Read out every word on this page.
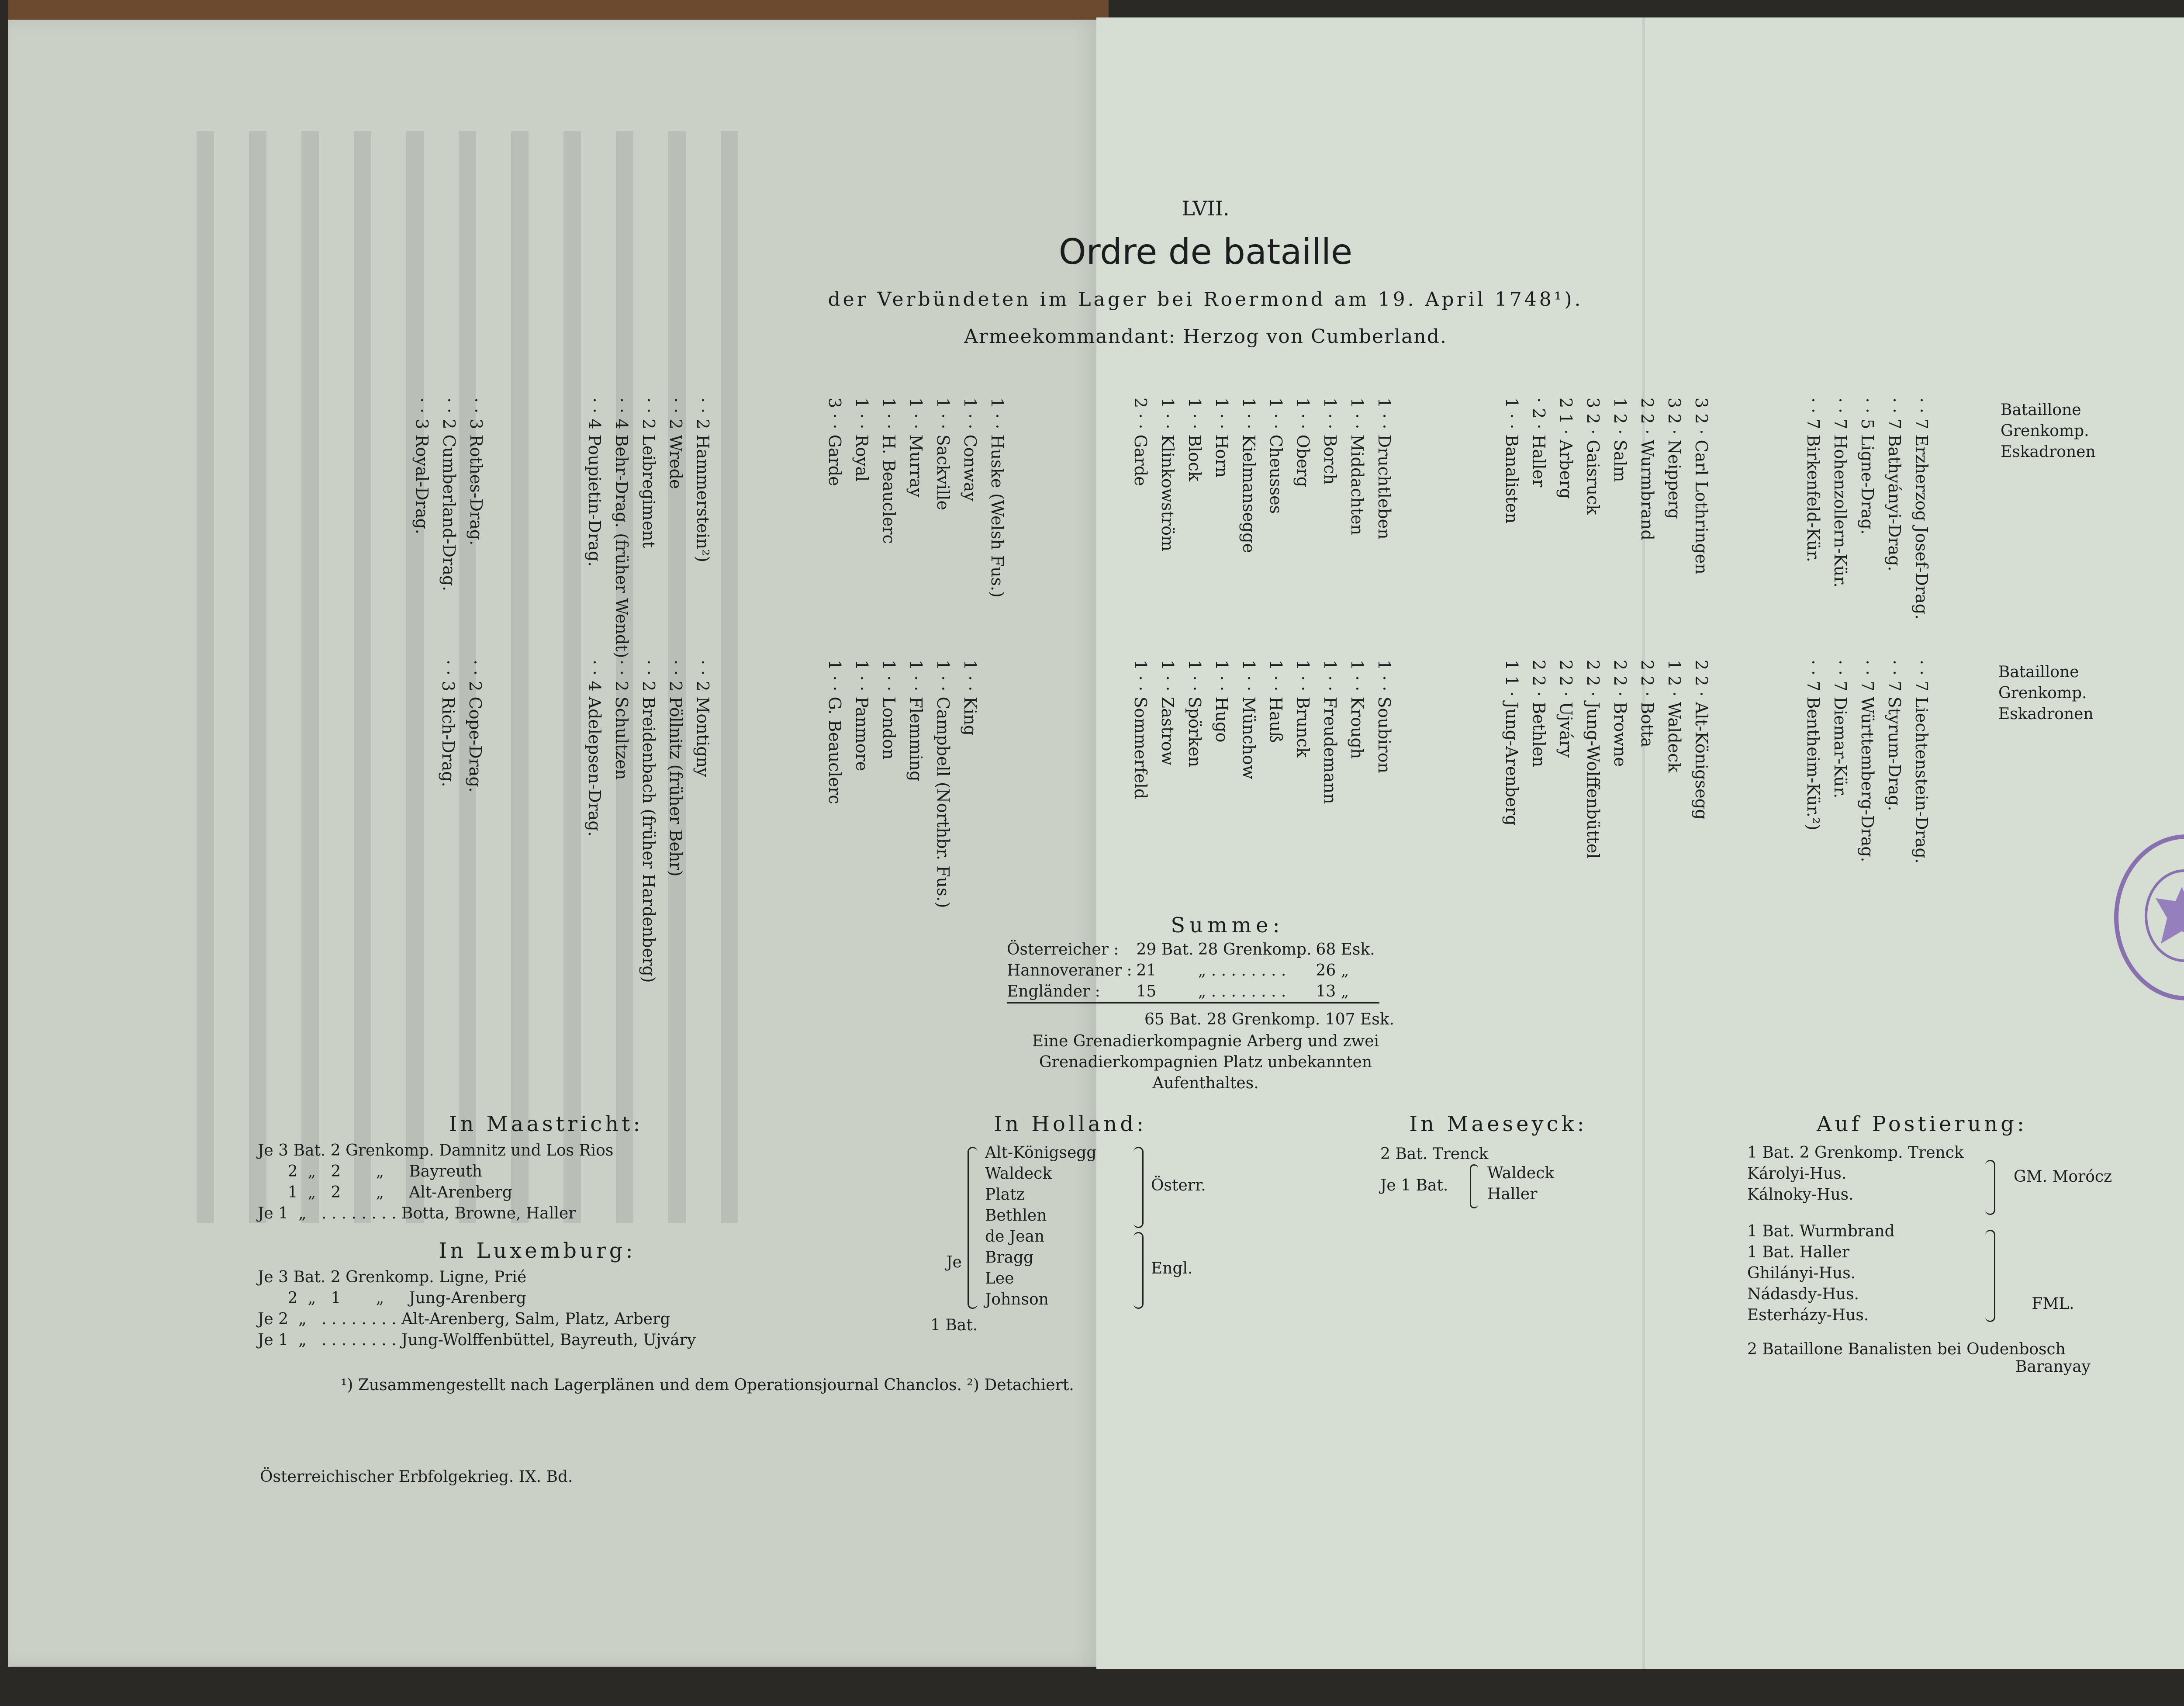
LVII.
Ordre de bataille
der Verbündeten im Lager bei Roermond am 19. April 1748¹).
Armeekommandant: Herzog von Cumberland.
Bataillone
Grenkomp.
Eskadronen
Bataillone
Grenkomp.
Eskadronen
· · 7 Erzherzog Josef-Drag.
· · 7 Bathyányi-Drag.
· · 5 Ligne-Drag.
· · 7 Hohenzollern-Kür.
· · 7 Birkenfeld-Kür.
3 2 · Carl Lothringen
3 2 · Neipperg
2 2 · Wurmbrand
1 2 · Salm
3 2 · Gaisruck
2 1 · Arberg
· 2 · Haller
1 · · Banalisten
1 · · Druchtleben
1 · · Middachten
1 · · Borch
1 · · Oberg
1 · · Cheusses
1 · · Kielmansegge
1 · · Horn
1 · · Block
1 · · Klinkowström
2 · · Garde
1 · · Huske (Welsh Fus.)
1 · · Conway
1 · · Sackville
1 · · Murray
1 · · H. Beauclerc
1 · · Royal
3 · · Garde
· · 2 Hammerstein²)
· · 2 Wrede
· · 2 Leibregiment
· · 4 Behr-Drag. (früher Wendt)
· · 4 Poupietin-Drag.
· · 3 Rothes-Drag.
· · 2 Cumberland-Drag.
· · 3 Royal-Drag.
· · 7 Liechtenstein-Drag.
· · 7 Styrum-Drag.
· · 7 Württemberg-Drag.
· · 7 Diemar-Kür.
· · 7 Bentheim-Kür.²)
2 2 · Alt-Königsegg
1 2 · Waldeck
2 2 · Botta
2 2 · Browne
2 2 · Jung-Wolffenbüttel
2 2 · Ujváry
2 2 · Bethlen
1 1 · Jung-Arenberg
1 · · Soubiron
1 · · Krough
1 · · Freudemann
1 · · Brunck
1 · · Hauß
1 · · Münchow
1 · · Hugo
1 · · Spörken
1 · · Zastrow
1 · · Sommerfeld
1 · · King
1 · · Campbell (Northbr. Fus.)
1 · · Flemming
1 · · London
1 · · Panmore
1 · · G. Beauclerc
· · 2 Montigny
· · 2 Pöllnitz (früher Behr)
· · 2 Breidenbach (früher Hardenberg)
· · 2 Schultzen
· · 4 Adelepsen-Drag.
· · 2 Cope-Drag.
· · 3 Rich-Drag.
Summe:
Österreicher :	29 Bat.	28 Grenkomp.	68 Esk.
Hannoveraner :	21	„ . . . . . . . .	26 „
Engländer :	15	„ . . . . . . . .	13 „
65 Bat. 28 Grenkomp. 107 Esk.
Eine Grenadierkompagnie Arberg und zwei
Grenadierkompagnien Platz unbekannten
Aufenthaltes.
In Maastricht:
Je 3 Bat. 2 Grenkomp. Damnitz und Los Rios
2  „   2       „     Bayreuth
1  „   2       „     Alt-Arenberg
Je 1  „   . . . . . . . . Botta, Browne, Haller
In Luxemburg:
Je 3 Bat. 2 Grenkomp. Ligne, Prié
2  „   1       „     Jung-Arenberg
Je 2  „   . . . . . . . . Alt-Arenberg, Salm, Platz, Arberg
Je 1  „   . . . . . . . . Jung-Wolffenbüttel, Bayreuth, Ujváry
In Holland:

Je

1 Bat.

Alt-Königsegg
Waldeck
Platz
Bethlen
de Jean
Bragg
Lee
Johnson
Österr.
Engl.
In Maeseyck:
2 Bat. Trenck
Je 1 Bat.
Waldeck
Haller
Auf Postierung:
1 Bat. 2 Grenkomp. Trenck
Károlyi-Hus.
Kálnoky-Hus.
GM. Morócz
1 Bat. Wurmbrand
1 Bat. Haller
Ghilányi-Hus.
Nádasdy-Hus.
Esterházy-Hus.

FML.

Baranyay

2 Bataillone Banalisten bei Oudenbosch
¹) Zusammengestellt nach Lagerplänen und dem Operationsjournal Chanclos. ²) Detachiert.
Österreichischer Erbfolgekrieg. IX. Bd.
